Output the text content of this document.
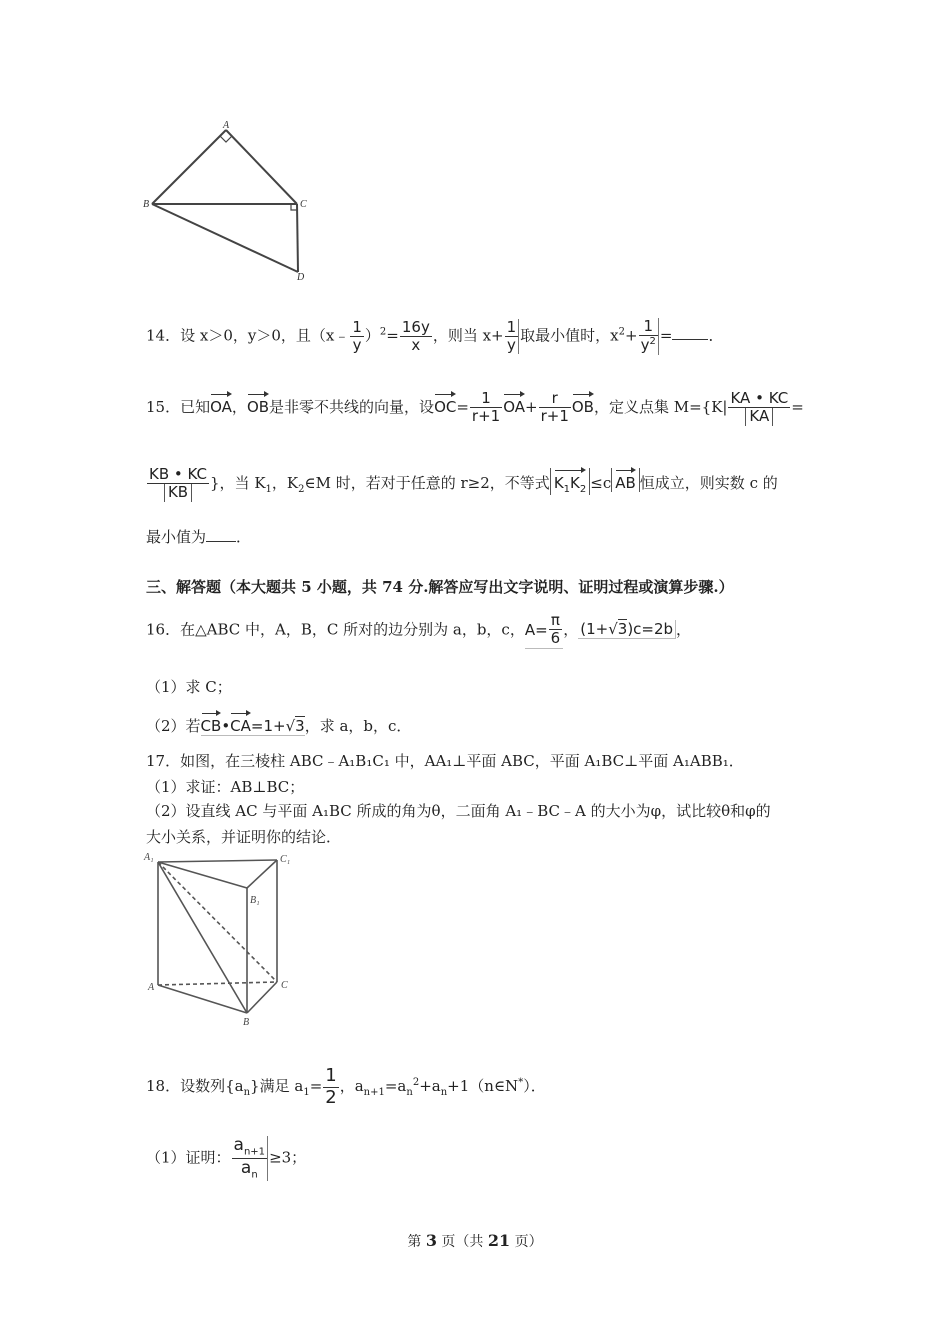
A
B	C
D
14．设 x＞0，y＞0，且（x﹣ $\frac{1}{y} )^2= \frac{16y}{x}$ ，则当 $x+ \frac{1}{y}$ 取最小值时，$x^2+ \frac{1}{y^2}$ = ．
15．已知OA，OB是非零不共线的向量，设$OC= \frac{1}{r+1} OA+ \frac{r}{r+1}$ OB，定义点集 $M=\{K| \frac{KA • KC}{KA}$ =
$\frac{KB • KC}{KB}$ }，当 $K_1$，$K_2\in M$ 时，若对于任意的 r≥2，不等式 $K_1K_2 \le c$ AB 恒成立，则实数 c 的
最小值为 ．
三、解答题（本大题共 5 小题，共 74 分.解答应写出文字说明、证明过程或演算步骤.）
16．在△ABC 中，A，B，C 所对的边分别为 a，b，c，$A= \frac{\pi}{6}$ ， (1+√3)c=2b ，
（1）求 C；
（2）若CB•CA=1+√3，求 a，b，c．
17．如图，在三棱柱 ABC﹣A₁B₁C₁ 中，AA₁⊥平面 ABC，平面 A₁BC⊥平面 A₁ABB₁．
（1）求证：AB⊥BC；
（2）设直线 AC 与平面 A₁BC 所成的角为θ，二面角 A₁﹣BC﹣A 的大小为φ，试比较θ和φ的
大小关系，并证明你的结论．
A₁	C₁
B₁
A	C
B
18．设数列$\{a_n\}$满足 $a_1= \frac{1}{2}$ ，$a_{n+1}=a_n^2+a_n+1(n\in N^*)$．
（1）证明： $\frac{a_{n+1}}{a_n} \ge 3$；
第 3 页（共 21 页）
